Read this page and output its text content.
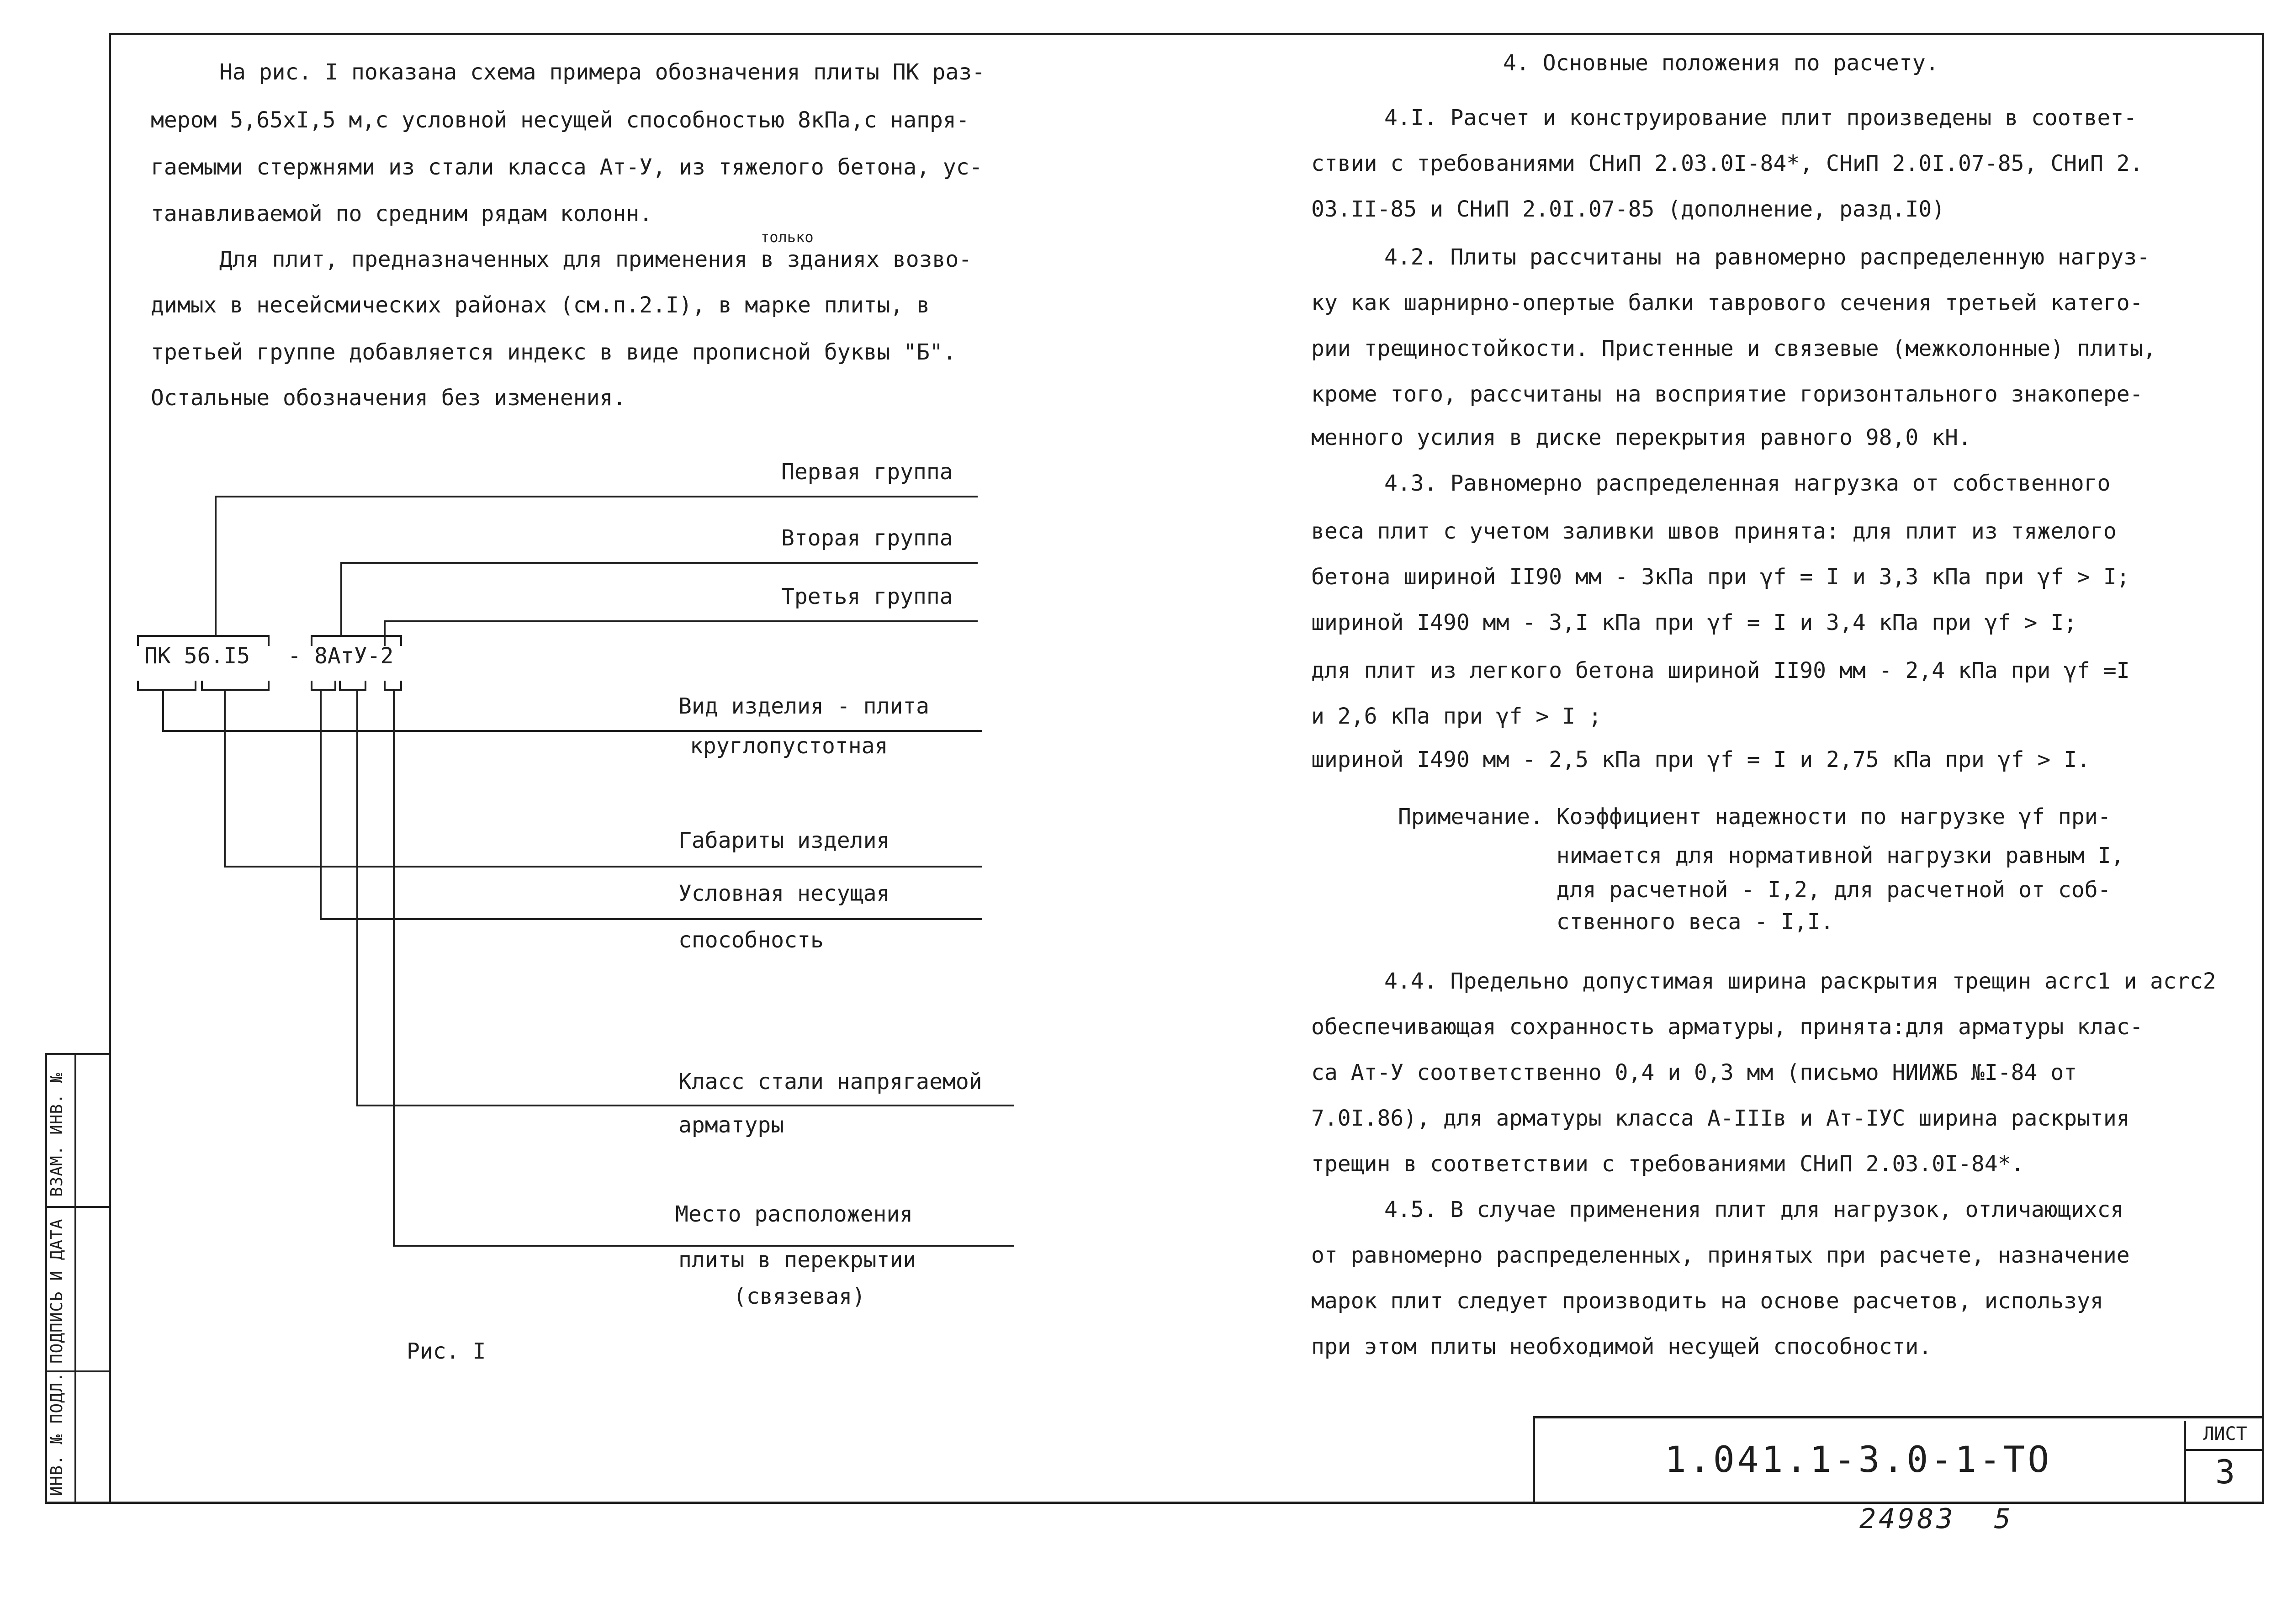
ИНВ. № ПОДЛ.
ПОДПИСЬ И ДАТА
ВЗАМ. ИНВ. №
На рис. I показана схема примера обозначения плиты ПК раз-
мером 5,65хI,5 м,с условной несущей способностью 8кПа,с напря-
гаемыми стержнями из стали класса Ат-У, из тяжелого бетона, ус-
танавливаемой по средним рядам колонн.
только
Для плит, предназначенных для применения в зданиях возво-
димых в несейсмических районах (см.п.2.I), в марке плиты, в
третьей группе добавляется индекс в виде прописной буквы "Б".
Остальные обозначения без изменения.
ПК 56.I5 - 8АтУ-2
Первая группа
Вторая группа
Третья группа
Вид изделия - плита
круглопустотная
Габариты изделия
Условная несущая
способность
Класс стали напрягаемой
арматуры
Место расположения
плиты в перекрытии
(связевая)
Рис. I
4. Основные положения по расчету.
4.I. Расчет и конструирование плит произведены в соответ-
ствии с требованиями СНиП 2.03.0I-84*, СНиП 2.0I.07-85, СНиП 2.
03.II-85 и СНиП 2.0I.07-85 (дополнение, разд.I0)
4.2. Плиты рассчитаны на равномерно распределенную нагруз-
ку как шарнирно-опертые балки таврового сечения третьей катего-
рии трещиностойкости. Пристенные и связевые (межколонные) плиты,
кроме того, рассчитаны на восприятие горизонтального знакопере-
менного усилия в диске перекрытия равного 98,0 кН.
4.3. Равномерно распределенная нагрузка от собственного
веса плит с учетом заливки швов принята: для плит из тяжелого
бетона шириной II90 мм - 3кПа при γf = I и 3,3 кПа при γf > I;
шириной I490 мм - 3,I кПа при γf = I и 3,4 кПа при γf > I;
для плит из легкого бетона шириной II90 мм - 2,4 кПа при γf =I
и 2,6 кПа при γf > I ;
шириной I490 мм - 2,5 кПа при γf = I и 2,75 кПа при γf > I.
Примечание. Коэффициент надежности по нагрузке γf при-
нимается для нормативной нагрузки равным I,
для расчетной - I,2, для расчетной от соб-
ственного веса - I,I.
4.4. Предельно допустимая ширина раскрытия трещин acrc1 и acrc2
обеспечивающая сохранность арматуры, принята:для арматуры клас-
са Ат-У соответственно 0,4 и 0,3 мм (письмо НИИЖБ №I-84 от
7.0I.86), для арматуры класса А-IIIв и Ат-IУС ширина раскрытия
трещин в соответствии с требованиями СНиП 2.03.0I-84*.
4.5. В случае применения плит для нагрузок, отличающихся
от равномерно распределенных, принятых при расчете, назначение
марок плит следует производить на основе расчетов, используя
при этом плиты необходимой несущей способности.
1.041.1-3.0-1-ТО
ЛИСТ
3
24983  5
